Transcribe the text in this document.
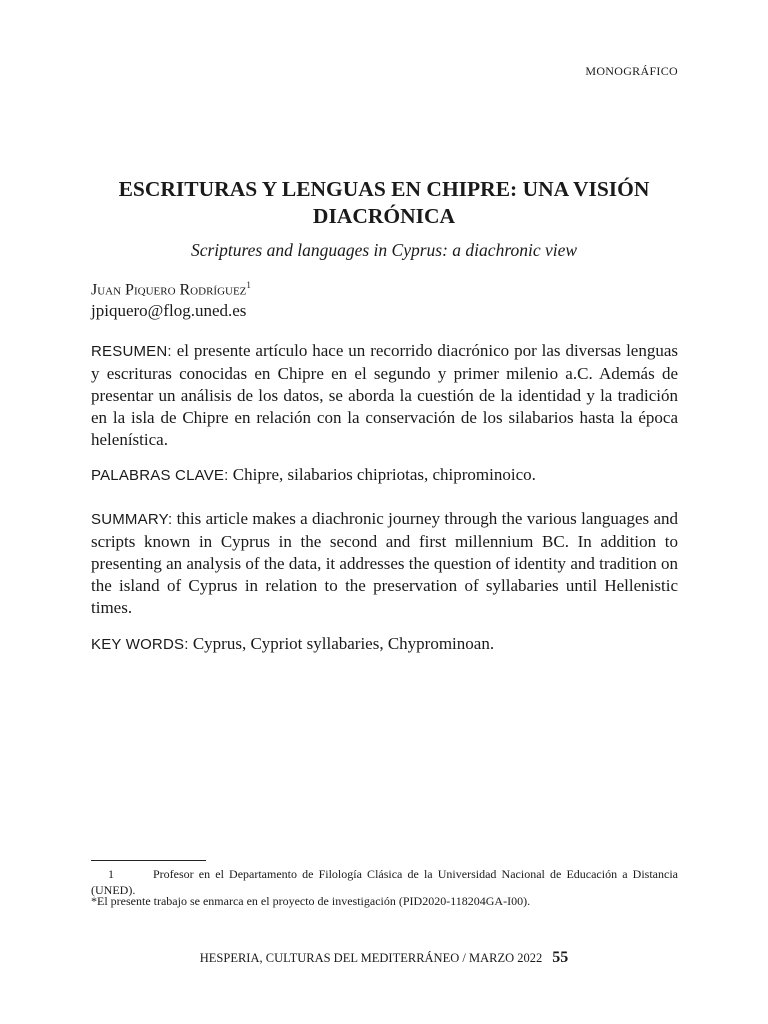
MONOGRÁFICO
ESCRITURAS Y LENGUAS EN CHIPRE: UNA VISIÓN DIACRÓNICA
Scriptures and languages in Cyprus: a diachronic view
Juan Piquero Rodríguez$^1$
jpiquero@flog.uned.es
RESUMEN: el presente artículo hace un recorrido diacrónico por las diversas lenguas y escrituras conocidas en Chipre en el segundo y primer milenio a.C. Además de presentar un análisis de los datos, se aborda la cuestión de la identidad y la tradición en la isla de Chipre en relación con la conservación de los silabarios hasta la época helenística.
PALABRAS CLAVE: Chipre, silabarios chipriotas, chiprominoico.
SUMMARY: this article makes a diachronic journey through the various languages and scripts known in Cyprus in the second and first millennium BC. In addition to presenting an analysis of the data, it addresses the question of identity and tradition on the island of Cyprus in relation to the preservation of syllabaries until Hellenistic times.
KEY WORDS: Cyprus, Cypriot syllabaries, Chyprominoan.
1	Profesor en el Departamento de Filología Clásica de la Universidad Nacional de Educación a Distancia (UNED).
*El presente trabajo se enmarca en el proyecto de investigación (PID2020-118204GA-I00).
HESPERIA, CULTURAS DEL MEDITERRÁNEO / MARZO 2022 55
